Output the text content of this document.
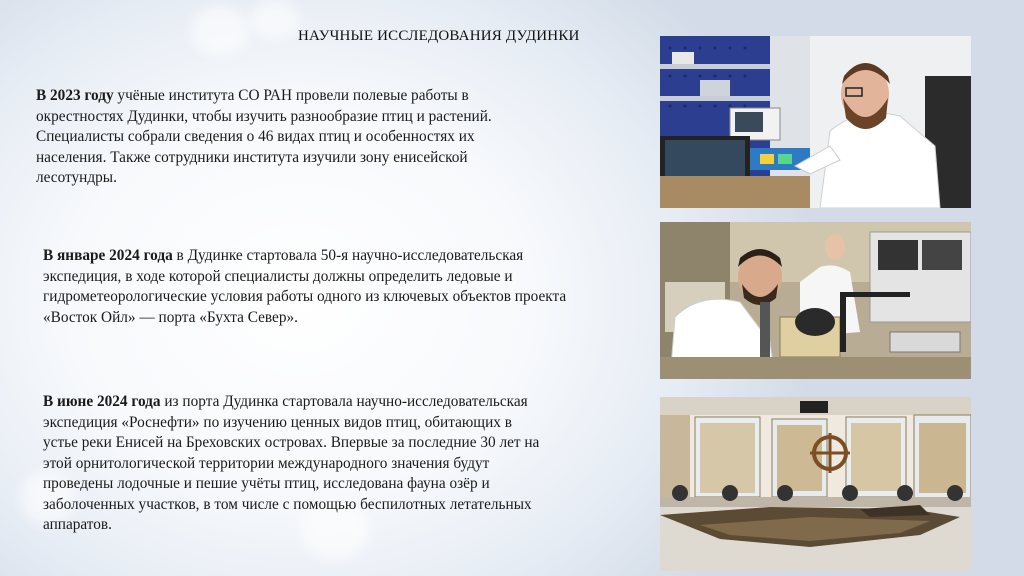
НАУЧНЫЕ ИССЛЕДОВАНИЯ ДУДИНКИ

В 2023 году учёные института СО РАН провели полевые работы в окрестностях Дудинки, чтобы изучить разнообразие птиц и растений. Специалисты собрали сведения о 46 видах птиц и особенностях их населения. Также сотрудники института изучили зону енисейской лесотундры.

В январе 2024 года в Дудинке стартовала 50-я научно-исследовательская экспедиция, в ходе которой специалисты должны определить ледовые и гидрометеорологические условия работы одного из ключевых объектов проекта «Восток Ойл» — порта «Бухта Север».

В июне 2024 года из порта Дудинка стартовала научно-исследовательская экспедиция «Роснефти» по изучению ценных видов птиц, обитающих в устье реки Енисей на Бреховских островах. Впервые за последние 30 лет на этой орнитологической территории международного значения будут проведены лодочные и пешие учёты птиц, исследована фауна озёр и заболоченных участков, в том числе с помощью беспилотных летательных аппаратов.
